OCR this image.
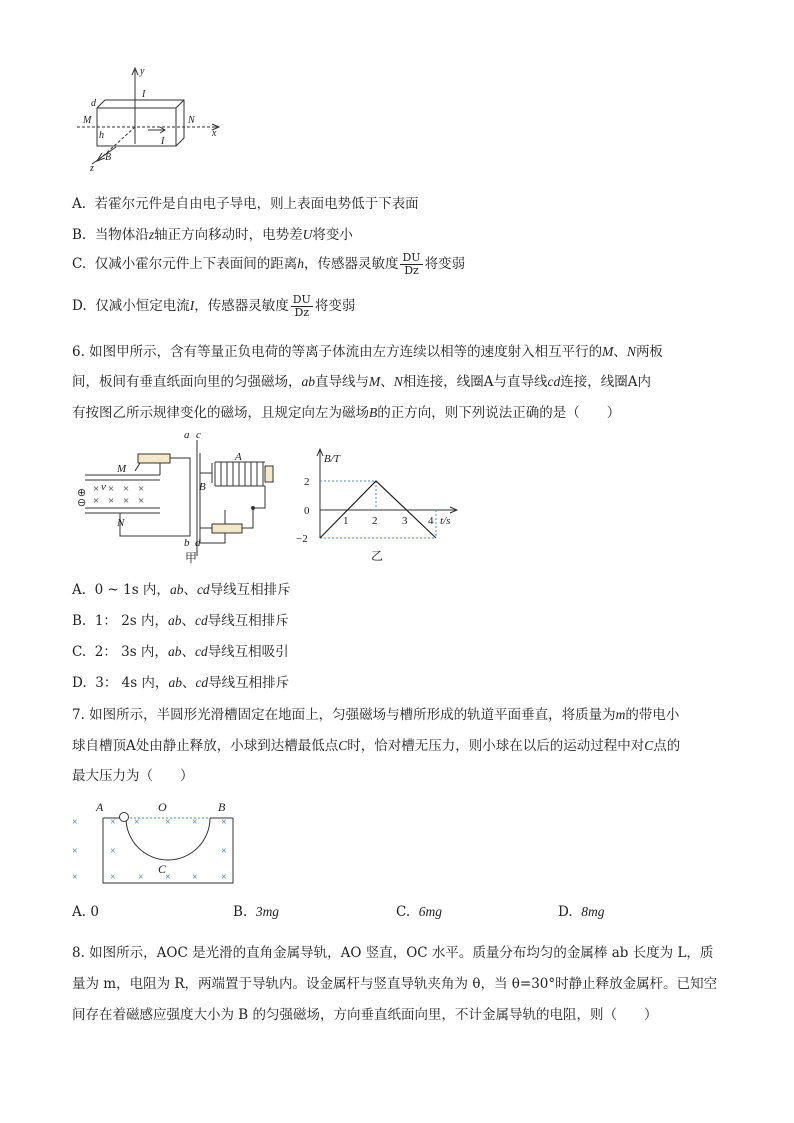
y
I
d
M	N
x
h
I
B
z
A. 若霍尔元件是自由电子导电，则上表面电势低于下表面
B. 当物体沿z轴正方向移动时，电势差U将变小
C. 仅减小霍尔元件上下表面间的距离h，传感器灵敏度 $\frac{DU}{Dz}$ 将变弱
D. 仅减小恒定电流I，传感器灵敏度 $\frac{DU}{Dz}$ 将变弱
6. 如图甲所示，含有等量正负电荷的等离子体流由左方连续以相等的速度射入相互平行的M、N两板
间，板间有垂直纸面向里的匀强磁场，ab直导线与M、N相连接，线圈A与直导线cd连接，线圈A内
有按图乙所示规律变化的磁场，且规定向左为磁场B的正方向，则下列说法正确的是（　　）
⊕
⊖
× × × ×
× × × ×
a c
M
A
B
v
N
b d
甲
B/T
t/s
2
0
−2
1 2 3 4
乙
A. 0 ~ 1s 内，ab、cd导线互相排斥
B. 1： 2s 内，ab、cd导线互相排斥
C. 2： 3s 内，ab、cd导线互相吸引
D. 3： 4s 内，ab、cd导线互相排斥
7. 如图所示，半圆形光滑槽固定在地面上，匀强磁场与槽所形成的轨道平面垂直，将质量为m的带电小
球自槽顶A处由静止释放，小球到达槽最低点C时，恰对槽无压力，则小球在以后的运动过程中对C点的
最大压力为（　　）
A	O	B
C
×
×
×
×
×
×
×
×
×
×
×
×
×
×
×
A. 0	B. 3mg	C. 6mg	D. 8mg
8. 如图所示，AOC 是光滑的直角金属导轨，AO 竖直，OC 水平。质量分布均匀的金属棒 ab 长度为 L，质
量为 m，电阻为 R，两端置于导轨内。设金属杆与竖直导轨夹角为 θ，当 θ=30°时静止释放金属杆。已知空
间存在着磁感应强度大小为 B 的匀强磁场，方向垂直纸面向里，不计金属导轨的电阻，则（　　）
